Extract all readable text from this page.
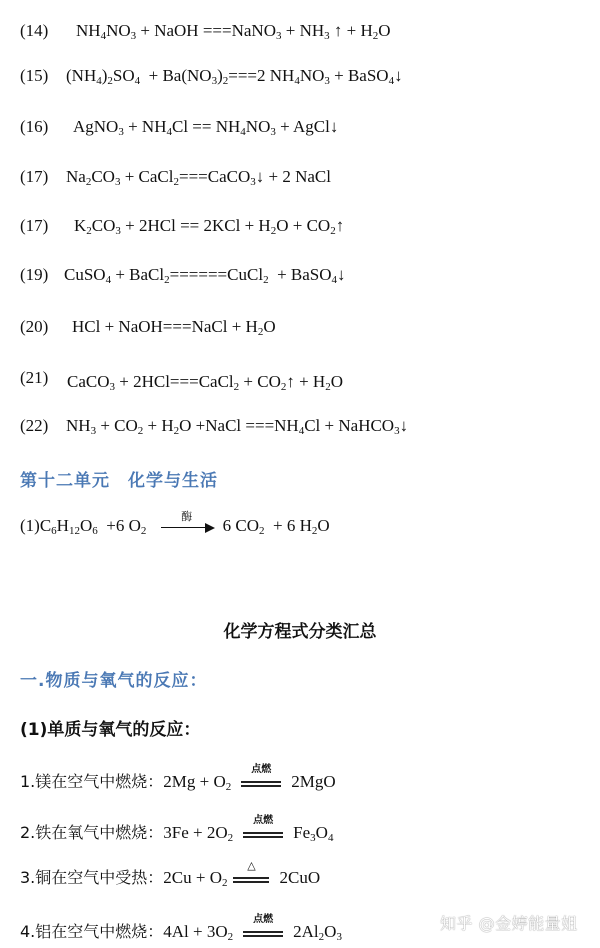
(14) $NH_4NO_3$ + NaOH ===NaNO$_3$ + $NH_3$ ↑ + $H_2O$
(15) $(NH_4)_2SO_4 + Ba(NO_3)_2===2$ $NH_4NO_3$ + BaSO$_4$↓
(16) AgNO$_3$ + $NH_4Cl == NH_4NO_3$ + AgCl↓
(17) $Na_2CO_3$ + CaCl$_2$===CaCO$_3$↓ + 2 NaCl
(17) $K_2CO_3 + 2HCl == 2KCl + H_2O$ + $CO_2↑$
(19) CuSO$_4$ + BaCl$_2$======CuCl$_2$  + BaSO$_4$↓
(20) HCl + NaOH===NaCl + $H_2O$
(21) CaCO$_3$ + 2HCl===CaCl$_2$ + $CO_2↑ + H_2O$
(22) $NH_3 + CO_2 + H_2O$ +NaCl $===NH_4Cl$ + NaHCO$_3$↓
第十二单元　化学与生活
$(1)C_6H_{12}O_6 +6$ $O_2$
酶	6 $CO_2 + 6$ $H_2O$
化学方程式分类汇总
一.物质与氧气的反应：
(1)单质与氧气的反应：
1.镁在空气中燃烧：$2Mg + O_2$
点燃
2MgO
2.铁在氧气中燃烧：$3Fe + 2O_2$
点燃
$Fe_3O_4$
3.铜在空气中受热：$2Cu + O_2$
△
2CuO
4.铝在空气中燃烧：$4Al + 3O_2$
点燃
$2Al_2O_3$
知乎 @金婷能量姐
